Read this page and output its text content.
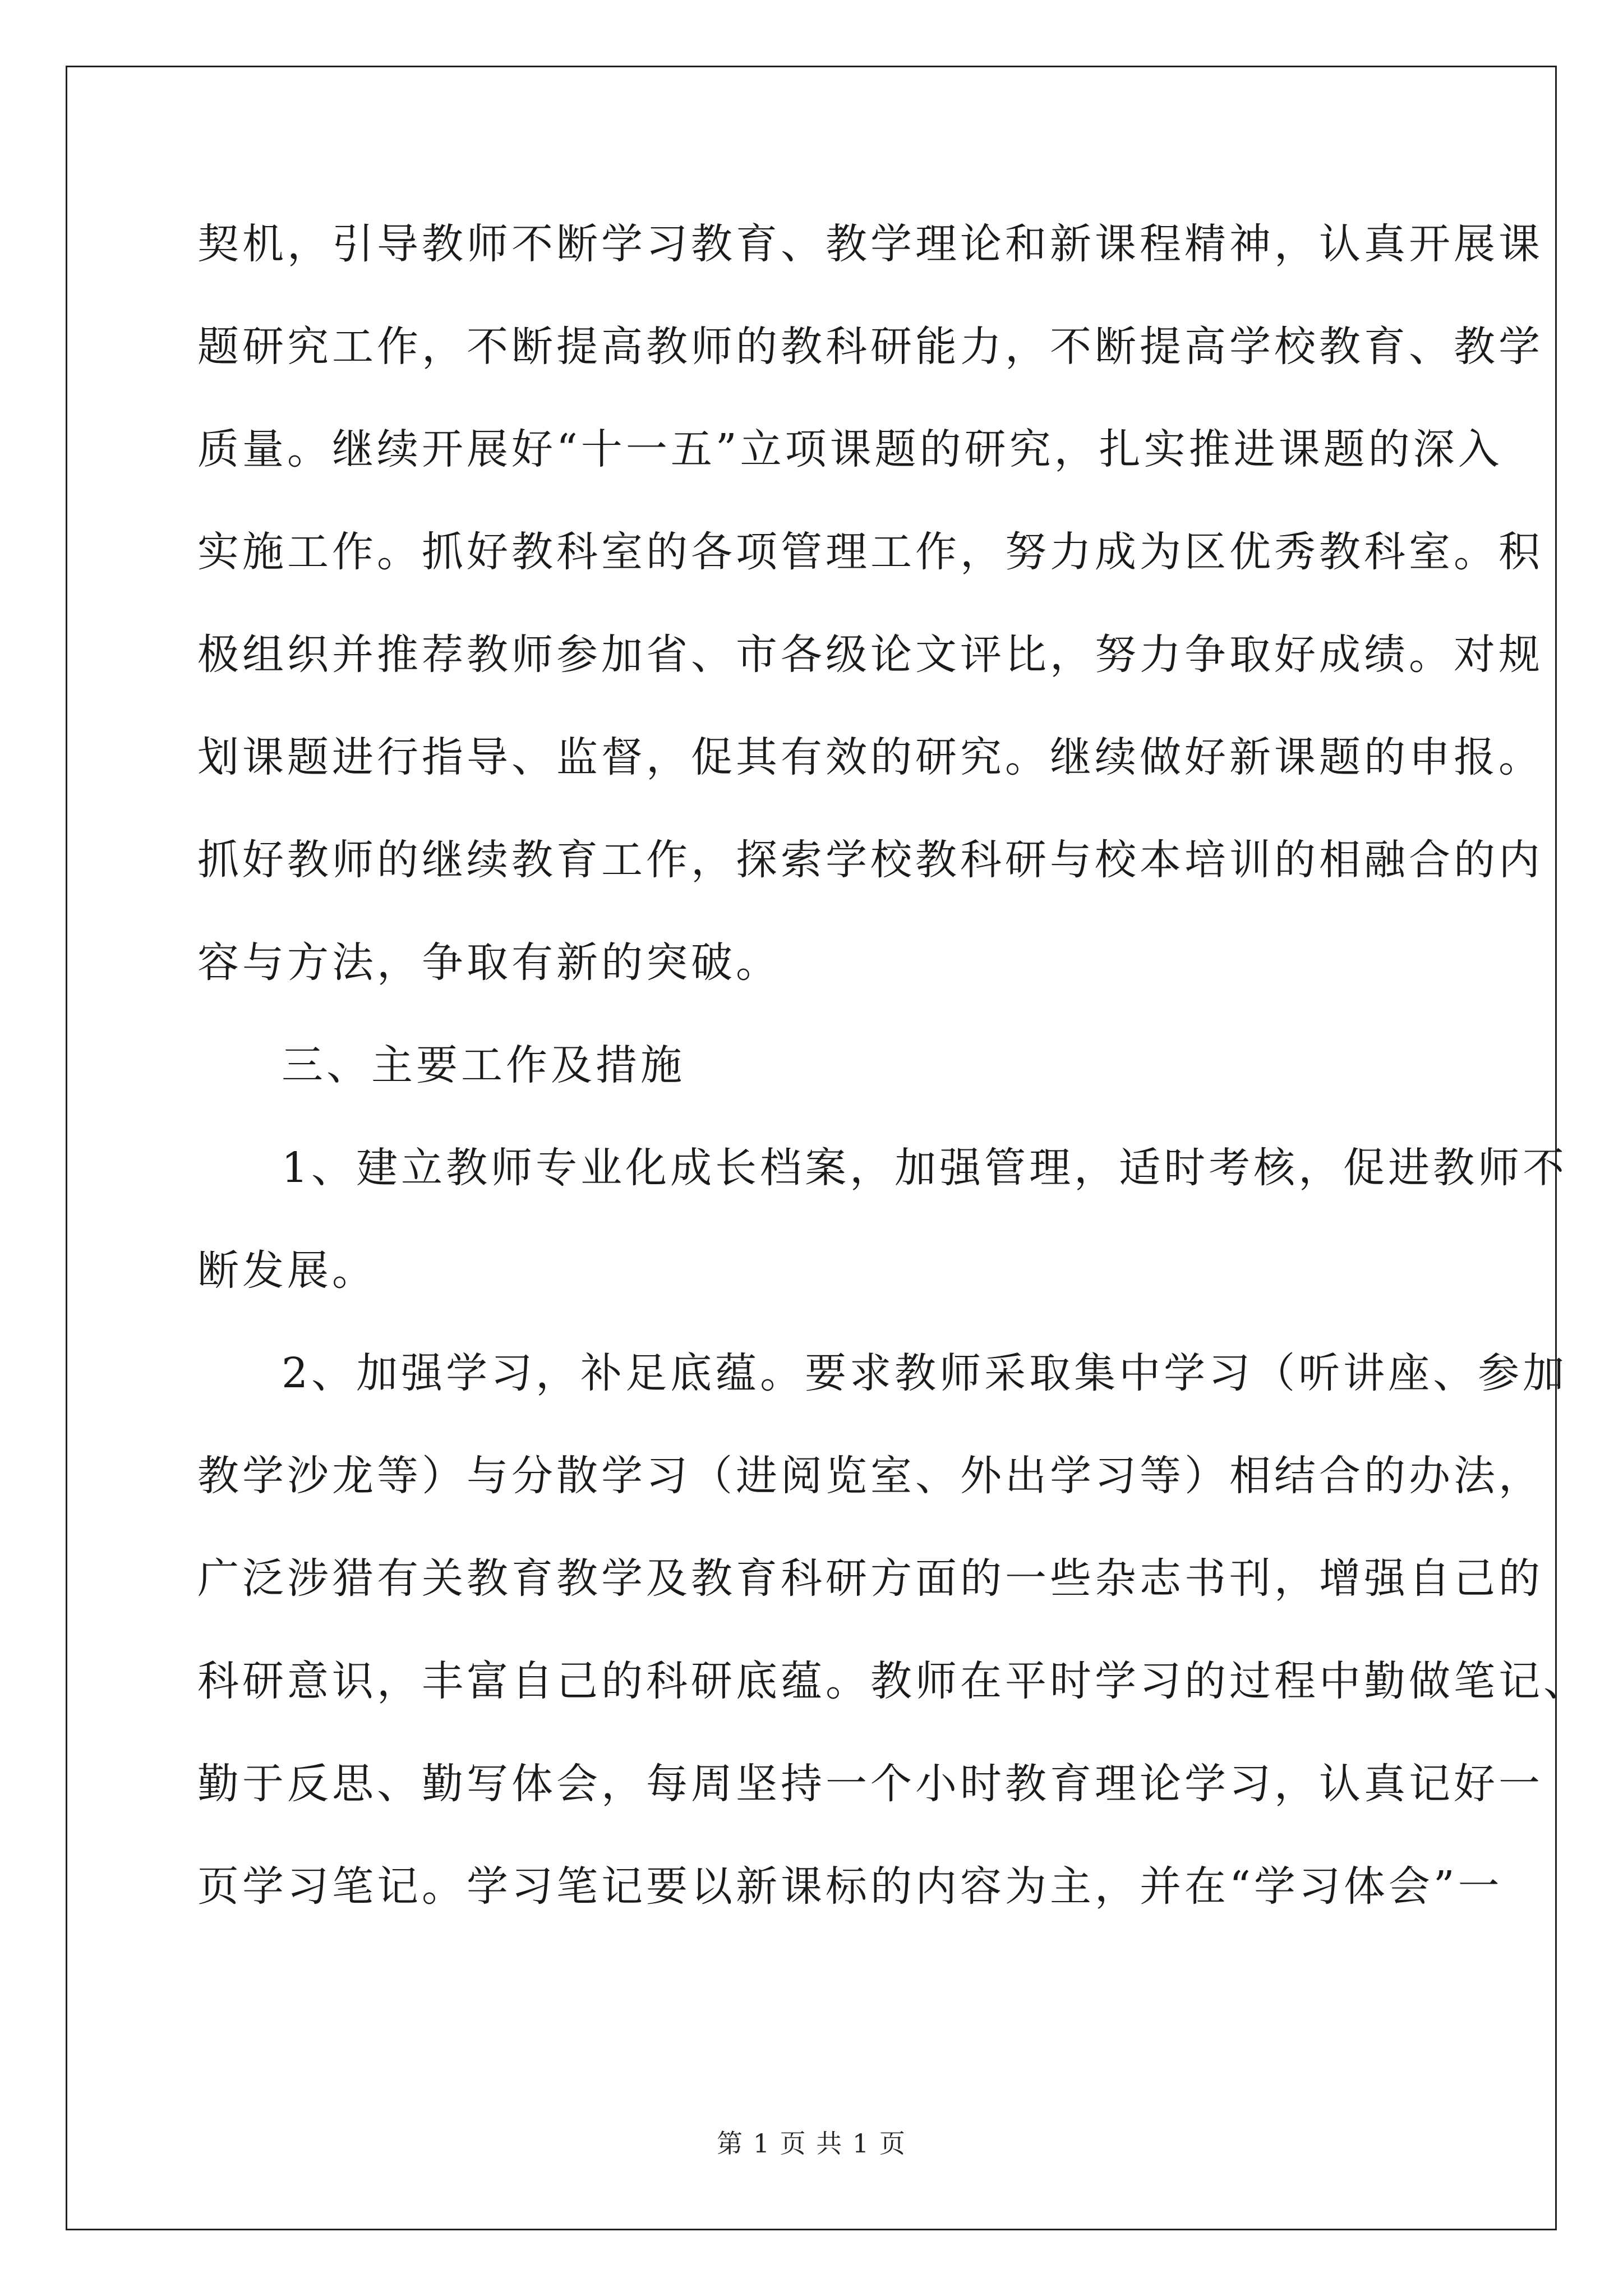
契机，引导教师不断学习教育、教学理论和新课程精神，认真开展课
题研究工作，不断提高教师的教科研能力，不断提高学校教育、教学
质量。继续开展好“十一五”立项课题的研究，扎实推进课题的深入
实施工作。抓好教科室的各项管理工作，努力成为区优秀教科室。积
极组织并推荐教师参加省、市各级论文评比，努力争取好成绩。对规
划课题进行指导、监督，促其有效的研究。继续做好新课题的申报。
抓好教师的继续教育工作，探索学校教科研与校本培训的相融合的内
容与方法，争取有新的突破。
三、主要工作及措施
1、建立教师专业化成长档案，加强管理，适时考核，促进教师不
断发展。
2、加强学习，补足底蕴。要求教师采取集中学习（听讲座、参加
教学沙龙等）与分散学习（进阅览室、外出学习等）相结合的办法，
广泛涉猎有关教育教学及教育科研方面的一些杂志书刊，增强自己的
科研意识，丰富自己的科研底蕴。教师在平时学习的过程中勤做笔记、
勤于反思、勤写体会，每周坚持一个小时教育理论学习，认真记好一
页学习笔记。学习笔记要以新课标的内容为主，并在“学习体会”一
第 1 页 共 1 页
